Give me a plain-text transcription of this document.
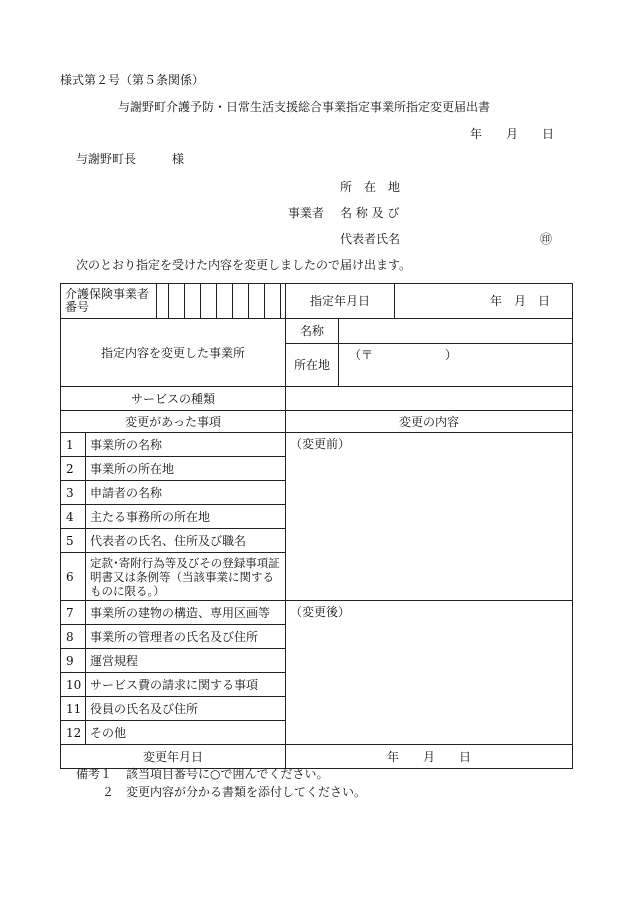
様式第２号（第５条関係）
与謝野町介護予防・日常生活支援総合事業指定事業所指定変更届出書
年　　月　　日
与謝野町長　　　様
所　在　地
事業者 名 称 及 び
代表者氏名	㊞
次のとおり指定を受けた内容を変更しましたので届け出ます。
介護保険事業者番号											指定年月日		年　月　日
指定内容を変更した事業所											名称		
											所在地	（〒　　　　　　）	
サービスの種類													
変更があった事項											変更の内容		
1	事業所の名称										（変更前）		
2	事業所の所在地												
3	申請者の名称												
4	主たる事務所の所在地												
5	代表者の氏名、住所及び職名												
6	定款･寄附行為等及びその登録事項証明書又は条例等（当該事業に関するものに限る。）												
7	事業所の建物の構造、専用区画等										（変更後）		
8	事業所の管理者の氏名及び住所												
9	運営規程												
10	サービス費の請求に関する事項												
11	役員の氏名及び住所												
12	その他												
変更年月日											年　　月　　日		
備考１ 該当項目番号に○で囲んでください。
２ 変更内容が分かる書類を添付してください。
